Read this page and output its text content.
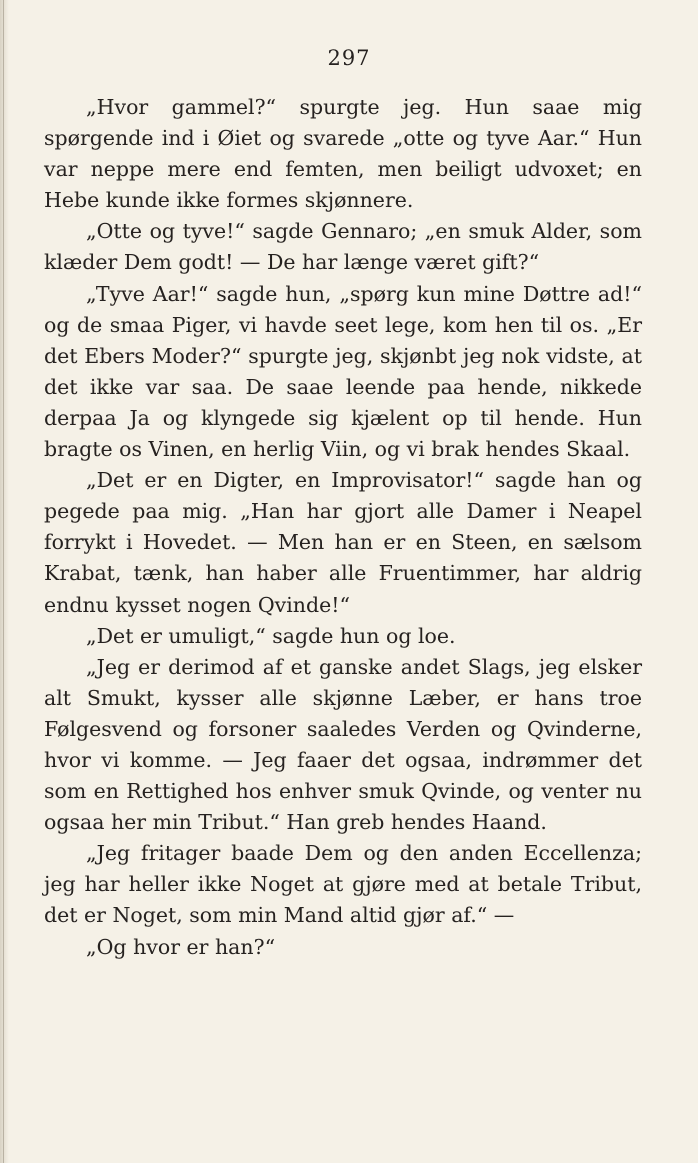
297

„Hvor gammel?“ spurgte jeg. Hun saae mig spørgende ind i Øiet og svarede „otte og tyve Aar.“ Hun var neppe mere end femten, men beiligt udvoxet; en Hebe kunde ikke formes skjønnere.

„Otte og tyve!“ sagde Gennaro; „en smuk Alder, som klæder Dem godt! — De har længe været gift?“

„Tyve Aar!“ sagde hun, „spørg kun mine Døttre ad!“ og de smaa Piger, vi havde seet lege, kom hen til os. „Er det Ebers Moder?“ spurgte jeg, skjønbt jeg nok vidste, at det ikke var saa. De saae leende paa hende, nikkede derpaa Ja og klyngede sig kjælent op til hende. Hun bragte os Vinen, en herlig Viin, og vi brak hendes Skaal.

„Det er en Digter, en Improvisator!“ sagde han og pegede paa mig. „Han har gjort alle Damer i Neapel forrykt i Hovedet. — Men han er en Steen, en sælsom Krabat, tænk, han haber alle Fruentimmer, har aldrig endnu kysset nogen Qvinde!“

„Det er umuligt,“ sagde hun og loe.

„Jeg er derimod af et ganske andet Slags, jeg elsker alt Smukt, kysser alle skjønne Læber, er hans troe Følgesvend og forsoner saaledes Verden og Qvinderne, hvor vi komme. — Jeg faaer det ogsaa, indrømmer det som en Rettighed hos enhver smuk Qvinde, og venter nu ogsaa her min Tribut.“ Han greb hendes Haand.

„Jeg fritager baade Dem og den anden Eccellenza; jeg har heller ikke Noget at gjøre med at betale Tribut, det er Noget, som min Mand altid gjør af.“ —

„Og hvor er han?“
